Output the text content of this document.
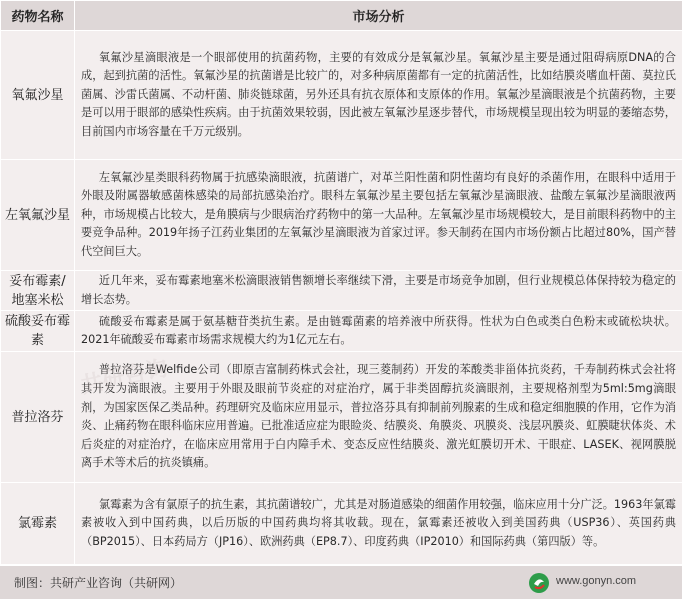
药物名称	市场分析
氧氟沙星	氧氟沙星滴眼液是一个眼部使用的抗菌药物，主要的有效成分是氧氟沙星。氧氟沙星主要是通过阻碍病原DNA的合成，起到抗菌的活性。氧氟沙星的抗菌谱是比较广的，对多种病原菌都有一定的抗菌活性，比如结膜炎嗜血杆菌、莫拉氏菌属、沙雷氏菌属、不动杆菌、肺炎链球菌，另外还具有抗衣原体和支原体的作用。氧氟沙星滴眼液是个抗菌药物，主要是可以用于眼部的感染性疾病。由于抗菌效果较弱，因此被左氧氟沙星逐步替代，市场规模呈现出较为明显的萎缩态势，目前国内市场容量在千万元级别。
左氧氟沙星	左氧氟沙星类眼科药物属于抗感染滴眼液，抗菌谱广，对革兰阳性菌和阴性菌均有良好的杀菌作用，在眼科中适用于外眼及附属器敏感菌株感染的局部抗感染治疗。眼科左氧氟沙星主要包括左氧氟沙星滴眼液、盐酸左氧氟沙星滴眼液两种，市场规模占比较大，是角膜病与少眼病治疗药物中的第一大品种。左氧氟沙星市场规模较大，是目前眼科药物中的主要竞争品种。2019年扬子江药业集团的左氧氟沙星滴眼液为首家过评。参天制药在国内市场份额占比超过80%，国产替代空间巨大。
妥布霉素/地塞米松	近几年来，妥布霉素地塞米松滴眼液销售额增长率继续下滑，主要是市场竞争加剧，但行业规模总体保持较为稳定的增长态势。
硫酸妥布霉素	硫酸妥布霉素是属于氨基糖苷类抗生素。是由链霉菌素的培养液中所获得。性状为白色或类白色粉末或硫松块状。2021年硫酸妥布霉素市场需求规模大约为1亿元左右。
普拉洛芬	普拉洛芬是Welfide公司（即原吉富制药株式会社，现三菱制药）开发的苯酸类非甾体抗炎药，千寿制药株式会社将其开发为滴眼液。主要用于外眼及眼前节炎症的对症治疗，属于非类固醇抗炎滴眼剂，主要规格剂型为5ml:5mg滴眼剂，为国家医保乙类品种。药理研究及临床应用显示，普拉洛芬具有抑制前列腺素的生成和稳定细胞膜的作用，它作为消炎、止痛药物在眼科临床应用普遍。已批准适应症为眼睑炎、结膜炎、角膜炎、巩膜炎、浅层巩膜炎、虹膜睫状体炎、术后炎症的对症治疗，在临床应用常用于白内障手术、变态反应性结膜炎、激光虹膜切开术、干眼症、LASEK、视网膜脱离手术等术后的抗炎镇痛。
氯霉素	氯霉素为含有氯原子的抗生素，其抗菌谱较广，尤其是对肠道感染的细菌作用较强，临床应用十分广泛。1963年氯霉素被收入到中国药典，以后历版的中国药典均将其收载。现在，氯霉素还被收入到美国药典（USP36）、英国药典（BP2015）、日本药局方（JP16）、欧洲药典（EP8.7）、印度药典（IP2010）和国际药典（第四版）等。
制图：共研产业咨询（共研网）	www.gonyn.com
